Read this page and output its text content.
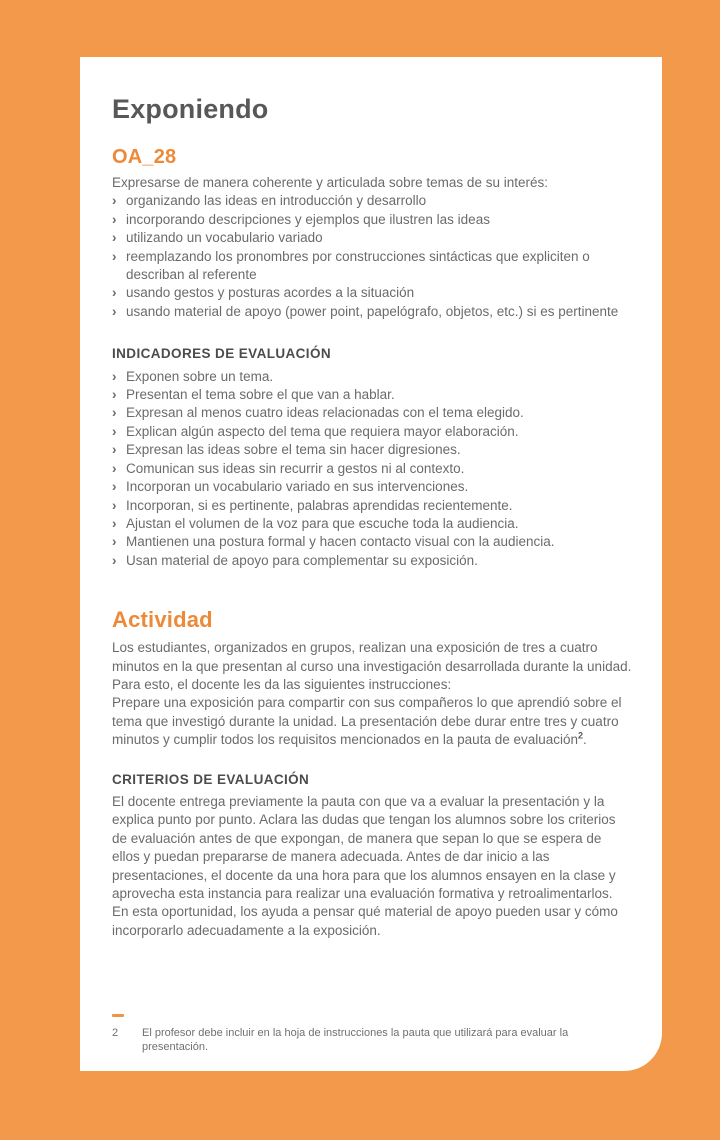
Exponiendo
OA_28

Expresarse de manera coherente y articulada sobre temas de su interés:

› organizando las ideas en introducción y desarrollo
› incorporando descripciones y ejemplos que ilustren las ideas
› utilizando un vocabulario variado
› reemplazando los pronombres por construcciones sintácticas que expliciten o describan al referente
› usando gestos y posturas acordes a la situación
› usando material de apoyo (power point, papelógrafo, objetos, etc.) si es pertinente
INDICADORES DE EVALUACIÓN
› Exponen sobre un tema.
› Presentan el tema sobre el que van a hablar.
› Expresan al menos cuatro ideas relacionadas con el tema elegido.
› Explican algún aspecto del tema que requiera mayor elaboración.
› Expresan las ideas sobre el tema sin hacer digresiones.
› Comunican sus ideas sin recurrir a gestos ni al contexto.
› Incorporan un vocabulario variado en sus intervenciones.
› Incorporan, si es pertinente, palabras aprendidas recientemente.
› Ajustan el volumen de la voz para que escuche toda la audiencia.
› Mantienen una postura formal y hacen contacto visual con la audiencia.
› Usan material de apoyo para complementar su exposición.
Actividad

Los estudiantes, organizados en grupos, realizan una exposición de tres a cuatro minutos en la que presentan al curso una investigación desarrollada durante la unidad. Para esto, el docente les da las siguientes instrucciones:

Prepare una exposición para compartir con sus compañeros lo que aprendió sobre el tema que investigó durante la unidad. La presentación debe durar entre tres y cuatro minutos y cumplir todos los requisitos mencionados en la pauta de evaluación$^2$.

CRITERIOS DE EVALUACIÓN

El docente entrega previamente la pauta con que va a evaluar la presentación y la explica punto por punto. Aclara las dudas que tengan los alumnos sobre los criterios de evaluación antes de que expongan, de manera que sepan lo que se espera de ellos y puedan prepararse de manera adecuada. Antes de dar inicio a las presentaciones, el docente da una hora para que los alumnos ensayen en la clase y aprovecha esta instancia para realizar una evaluación formativa y retroalimentarlos. En esta oportunidad, los ayuda a pensar qué material de apoyo pueden usar y cómo incorporarlo adecuadamente a la exposición.

2	El profesor debe incluir en la hoja de instrucciones la pauta que utilizará para evaluar la presentación.
